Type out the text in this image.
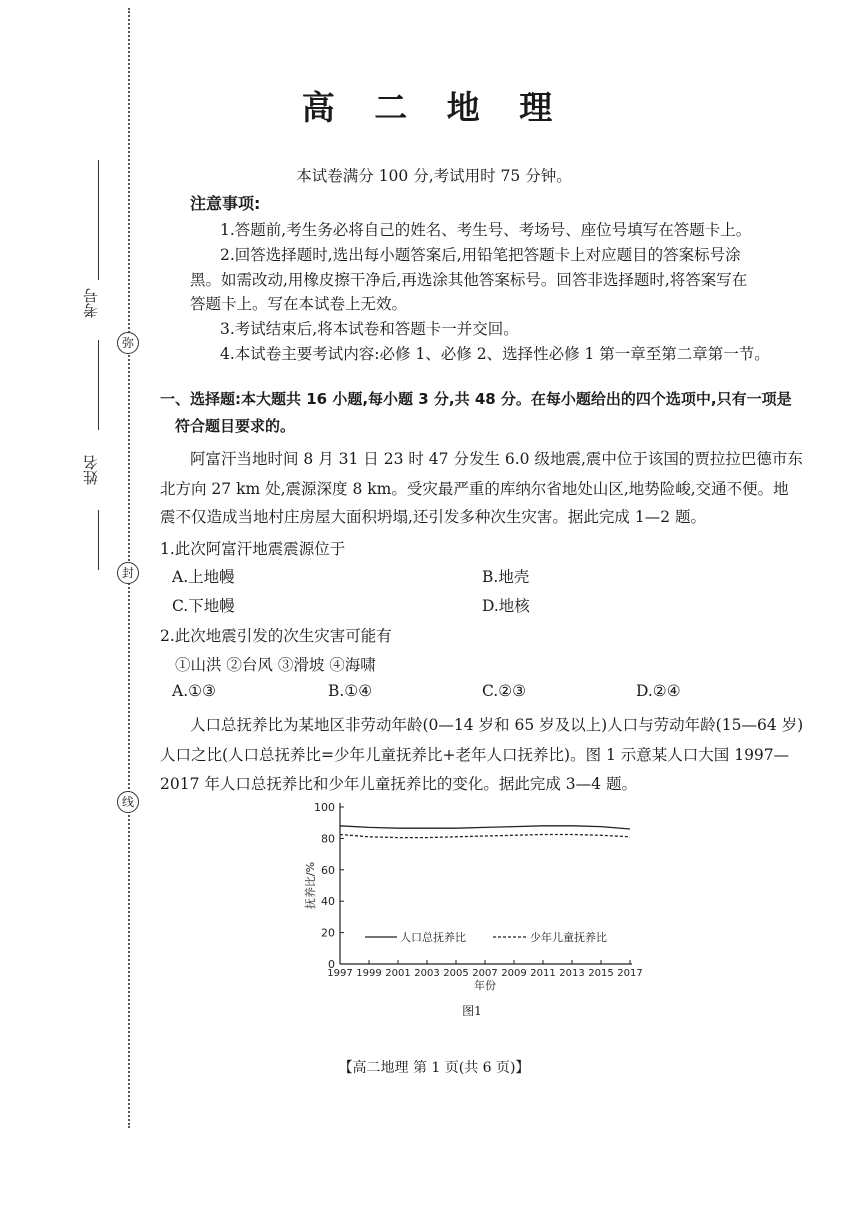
考号
姓名
弥
封
线
高 二 地 理
本试卷满分 100 分,考试用时 75 分钟。
注意事项:
1.答题前,考生务必将自己的姓名、考生号、考场号、座位号填写在答题卡上。
2.回答选择题时,选出每小题答案后,用铅笔把答题卡上对应题目的答案标号涂
黑。如需改动,用橡皮擦干净后,再选涂其他答案标号。回答非选择题时,将答案写在
答题卡上。写在本试卷上无效。
3.考试结束后,将本试卷和答题卡一并交回。
4.本试卷主要考试内容:必修 1、必修 2、选择性必修 1 第一章至第二章第一节。
一、选择题:本大题共 16 小题,每小题 3 分,共 48 分。在每小题给出的四个选项中,只有一项是
符合题目要求的。
阿富汗当地时间 8 月 31 日 23 时 47 分发生 6.0 级地震,震中位于该国的贾拉拉巴德市东
北方向 27 km 处,震源深度 8 km。受灾最严重的库纳尔省地处山区,地势险峻,交通不便。地
震不仅造成当地村庄房屋大面积坍塌,还引发多种次生灾害。据此完成 1—2 题。
1.此次阿富汗地震震源位于
A.上地幔	B.地壳
C.下地幔	D.地核
2.此次地震引发的次生灾害可能有
①山洪 ②台风 ③滑坡 ④海啸
A.①③	B.①④	C.②③	D.②④
人口总抚养比为某地区非劳动年龄(0—14 岁和 65 岁及以上)人口与劳动年龄(15—64 岁)
人口之比(人口总抚养比=少年儿童抚养比+老年人口抚养比)。图 1 示意某人口大国 1997—
2017 年人口总抚养比和少年儿童抚养比的变化。据此完成 3—4 题。
0
20
40
60
80
100
1997 1999 2001 2003 2005 2007 2009 2011 2013 2015 2017
年份
抚养比/%
人口总抚养比	少年儿童抚养比
图1
【高二地理 第 1 页(共 6 页)】
